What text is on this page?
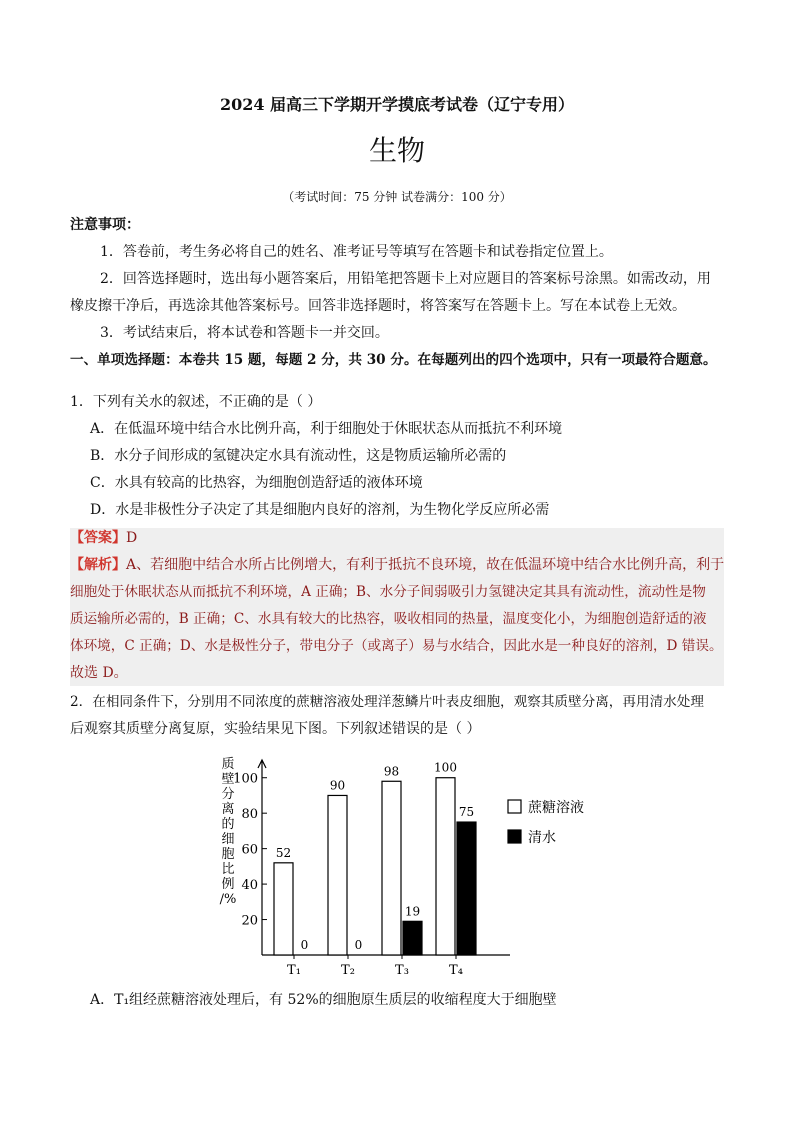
2024 届高三下学期开学摸底考试卷（辽宁专用）
生物
（考试时间：75 分钟 试卷满分：100 分）
注意事项：
1．答卷前，考生务必将自己的姓名、准考证号等填写在答题卡和试卷指定位置上。
2．回答选择题时，选出每小题答案后，用铅笔把答题卡上对应题目的答案标号涂黑。如需改动，用
橡皮擦干净后，再选涂其他答案标号。回答非选择题时，将答案写在答题卡上。写在本试卷上无效。
3．考试结束后，将本试卷和答题卡一并交回。
一、单项选择题：本卷共 15 题，每题 2 分，共 30 分。在每题列出的四个选项中，只有一项最符合题意。
1．下列有关水的叙述，不正确的是（ ）
A．在低温环境中结合水比例升高，利于细胞处于休眠状态从而抵抗不利环境
B．水分子间形成的氢键决定水具有流动性，这是物质运输所必需的
C．水具有较高的比热容，为细胞创造舒适的液体环境
D．水是非极性分子决定了其是细胞内良好的溶剂，为生物化学反应所必需
【答案】D
【解析】A、若细胞中结合水所占比例增大，有利于抵抗不良环境，故在低温环境中结合水比例升高，利于
细胞处于休眠状态从而抵抗不利环境，A 正确；B、水分子间弱吸引力氢键决定其具有流动性，流动性是物
质运输所必需的，B 正确；C、水具有较大的比热容，吸收相同的热量，温度变化小，为细胞创造舒适的液
体环境，C 正确；D、水是极性分子，带电分子（或离子）易与水结合，因此水是一种良好的溶剂，D 错误。
故选 D。
2．在相同条件下，分别用不同浓度的蔗糖溶液处理洋葱鳞片叶表皮细胞，观察其质壁分离，再用清水处理
后观察其质壁分离复原，实验结果见下图。下列叙述错误的是（ ）
20
40
60
80
100
质
壁
分
离
的
细
胞
比
例
/%
52
0
T₁
90
0
T₂
98
19
T₃
100
75
T₄
蔗糖溶液
清水
A．T₁组经蔗糖溶液处理后，有 52%的细胞原生质层的收缩程度大于细胞壁
